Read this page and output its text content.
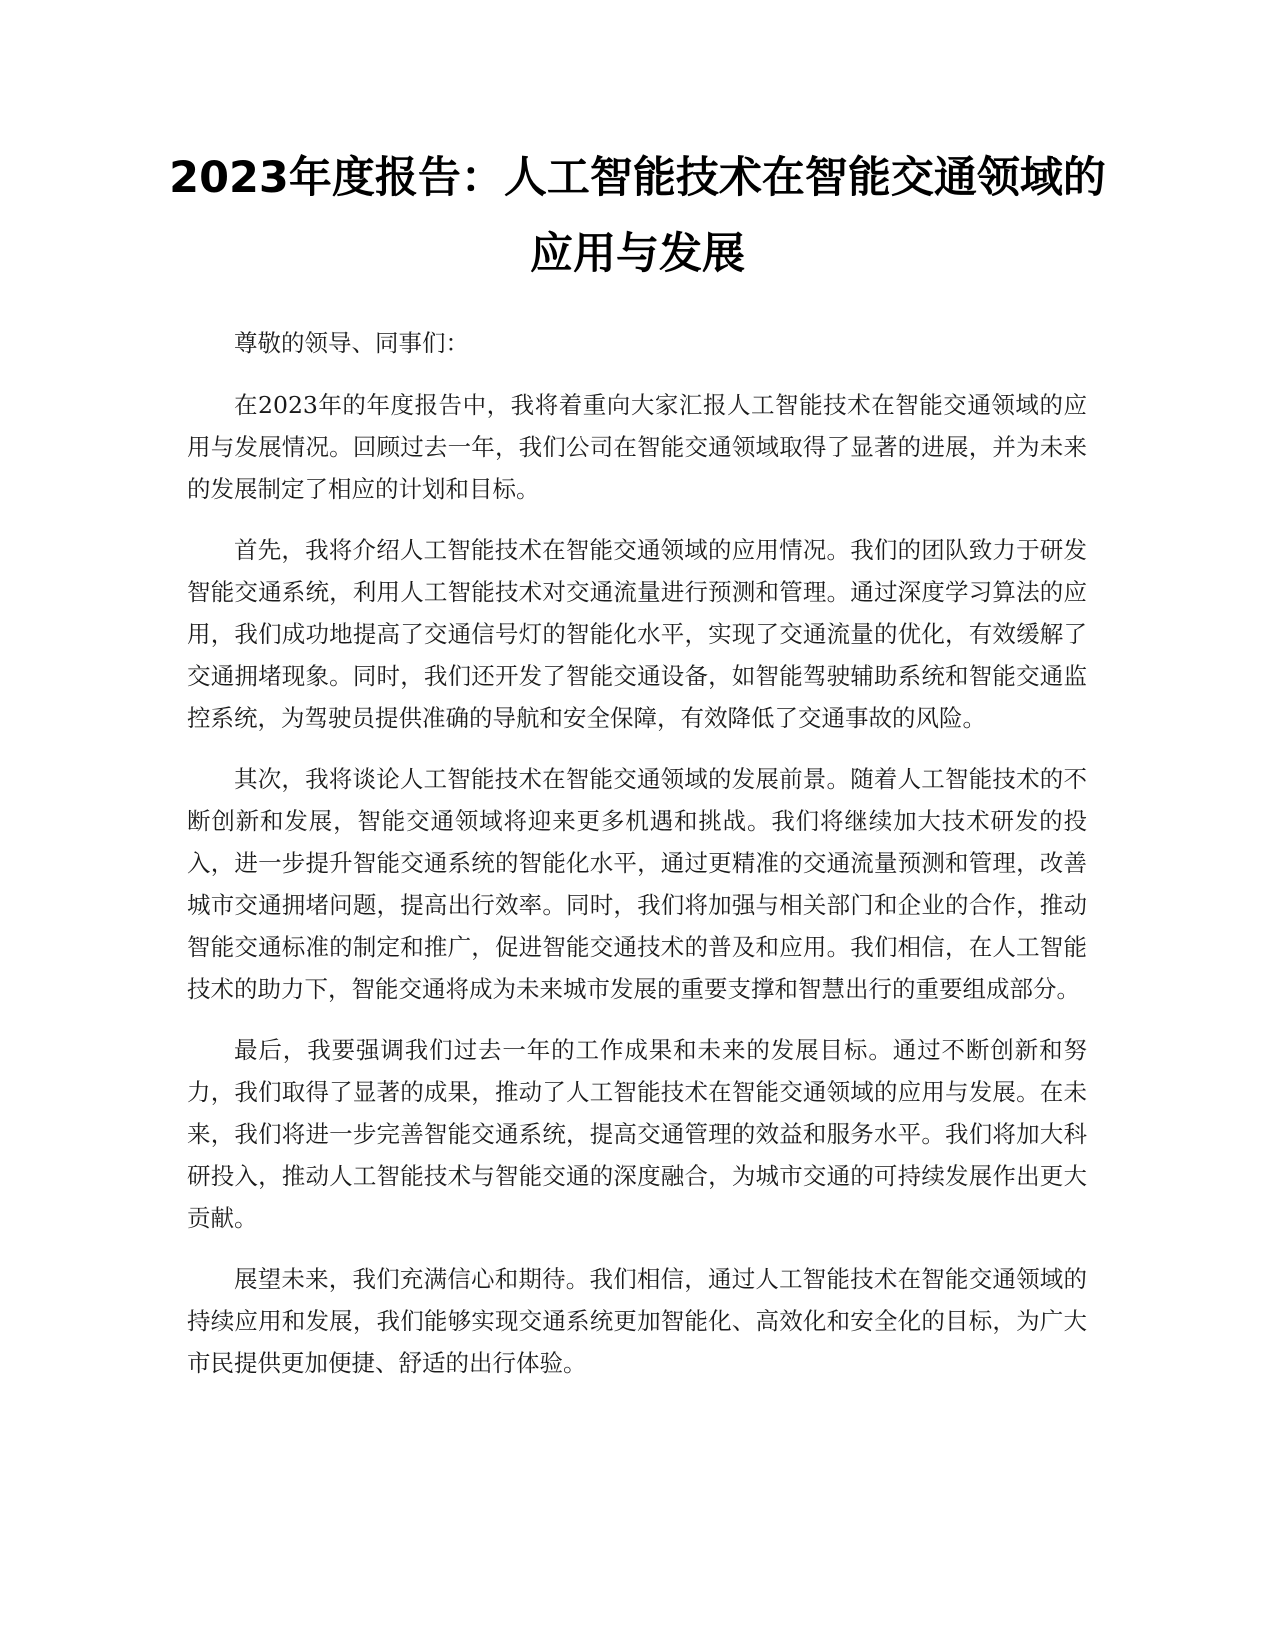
2023年度报告：人工智能技术在智能交通领域的应用与发展

尊敬的领导、同事们：

在2023年的年度报告中，我将着重向大家汇报人工智能技术在智能交通领域的应用与发展情况。回顾过去一年，我们公司在智能交通领域取得了显著的进展，并为未来的发展制定了相应的计划和目标。

首先，我将介绍人工智能技术在智能交通领域的应用情况。我们的团队致力于研发智能交通系统，利用人工智能技术对交通流量进行预测和管理。通过深度学习算法的应用，我们成功地提高了交通信号灯的智能化水平，实现了交通流量的优化，有效缓解了交通拥堵现象。同时，我们还开发了智能交通设备，如智能驾驶辅助系统和智能交通监控系统，为驾驶员提供准确的导航和安全保障，有效降低了交通事故的风险。

其次，我将谈论人工智能技术在智能交通领域的发展前景。随着人工智能技术的不断创新和发展，智能交通领域将迎来更多机遇和挑战。我们将继续加大技术研发的投入，进一步提升智能交通系统的智能化水平，通过更精准的交通流量预测和管理，改善城市交通拥堵问题，提高出行效率。同时，我们将加强与相关部门和企业的合作，推动智能交通标准的制定和推广，促进智能交通技术的普及和应用。我们相信，在人工智能技术的助力下，智能交通将成为未来城市发展的重要支撑和智慧出行的重要组成部分。

最后，我要强调我们过去一年的工作成果和未来的发展目标。通过不断创新和努力，我们取得了显著的成果，推动了人工智能技术在智能交通领域的应用与发展。在未来，我们将进一步完善智能交通系统，提高交通管理的效益和服务水平。我们将加大科研投入，推动人工智能技术与智能交通的深度融合，为城市交通的可持续发展作出更大贡献。

展望未来，我们充满信心和期待。我们相信，通过人工智能技术在智能交通领域的持续应用和发展，我们能够实现交通系统更加智能化、高效化和安全化的目标，为广大市民提供更加便捷、舒适的出行体验。
